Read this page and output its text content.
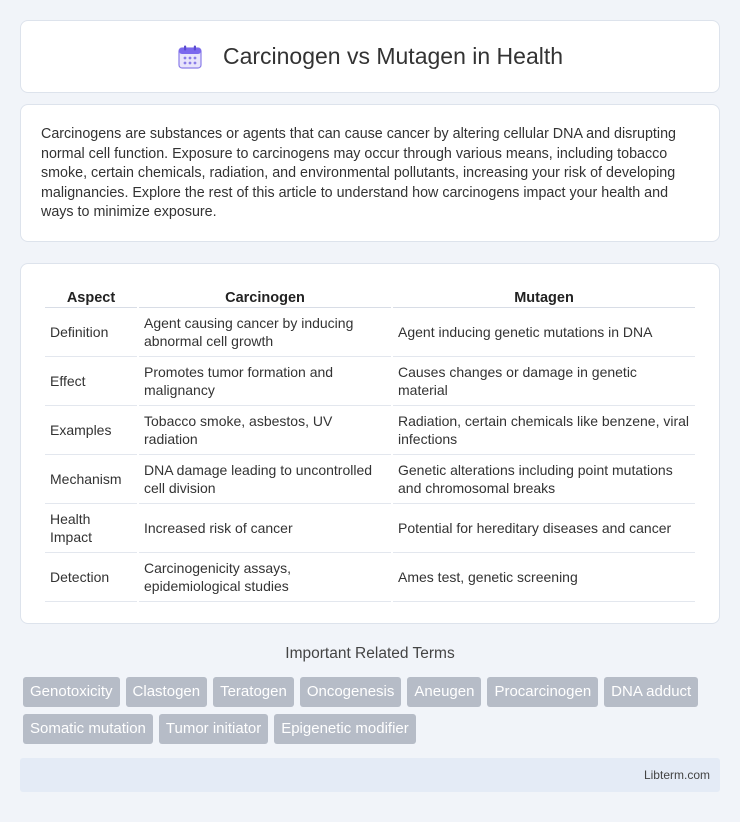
Carcinogen vs Mutagen in Health

Carcinogens are substances or agents that can cause cancer by altering cellular DNA and disrupting normal cell function. Exposure to carcinogens may occur through various means, including tobacco smoke, certain chemicals, radiation, and environmental pollutants, increasing your risk of developing malignancies. Explore the rest of this article to understand how carcinogens impact your health and ways to minimize exposure.

Aspect	Carcinogen	Mutagen
Definition	Agent causing cancer by inducing abnormal cell growth	Agent inducing genetic mutations in DNA
Effect	Promotes tumor formation and malignancy	Causes changes or damage in genetic material
Examples	Tobacco smoke, asbestos, UV radiation	Radiation, certain chemicals like benzene, viral infections
Mechanism	DNA damage leading to uncontrolled cell division	Genetic alterations including point mutations and chromosomal breaks
Health Impact	Increased risk of cancer	Potential for hereditary diseases and cancer
Detection	Carcinogenicity assays, epidemiological studies	Ames test, genetic screening
Important Related Terms
Genotoxicity	Clastogen	Teratogen	Oncogenesis	Aneugen	Procarcinogen	DNA adduct
Somatic mutation	Tumor initiator	Epigenetic modifier
Libterm.com
